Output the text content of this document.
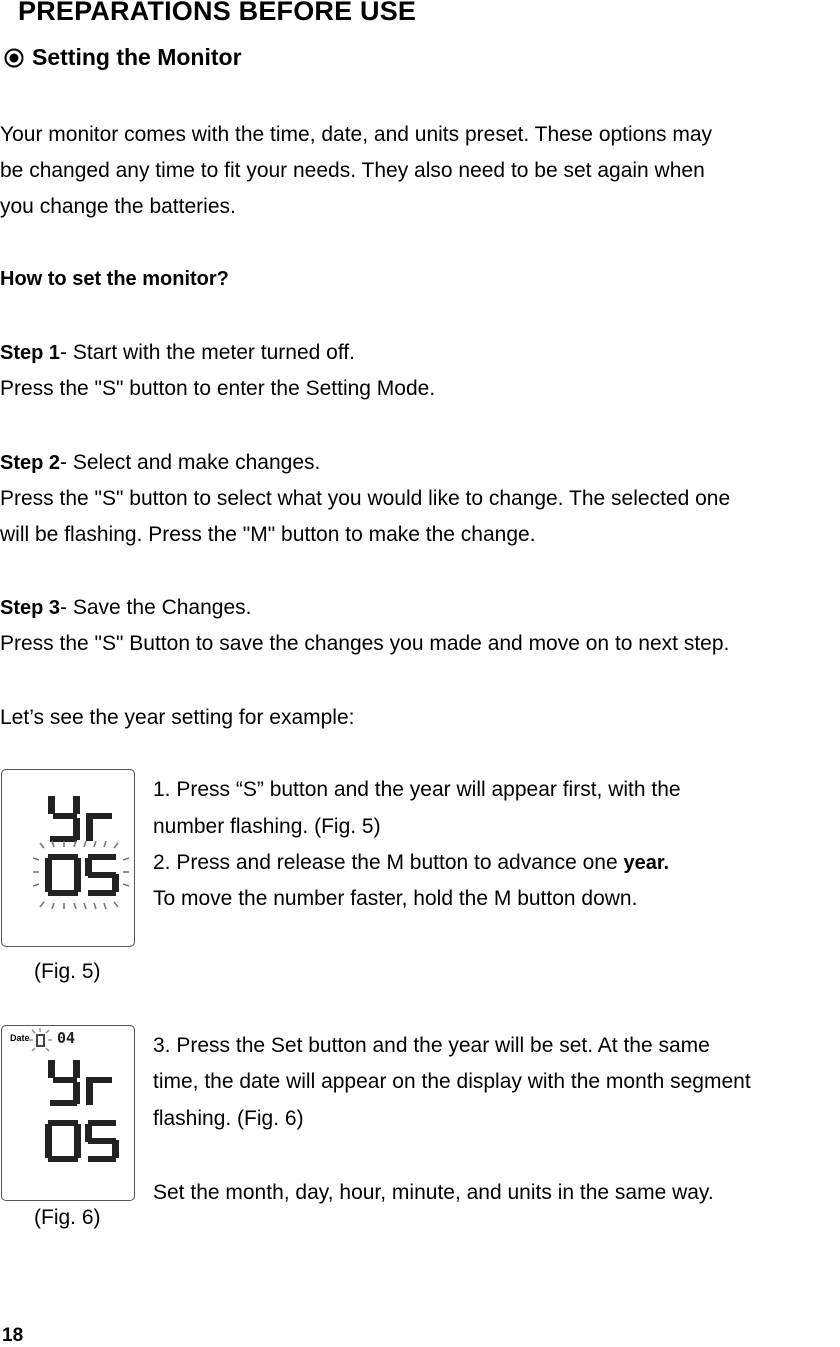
PREPARATIONS BEFORE USE
Setting the Monitor
Your monitor comes with the time, date, and units preset. These options may
be changed any time to fit your needs. They also need to be set again when
you change the batteries.
How to set the monitor?
Step 1- Start with the meter turned off.
Press the "S" button to enter the Setting Mode.
Step 2- Select and make changes.
Press the "S" button to select what you would like to change. The selected one
will be flashing. Press the "M" button to make the change.
Step 3- Save the Changes.
Press the "S" Button to save the changes you made and move on to next step.
Let’s see the year setting for example:
(Fig. 5)
1. Press “S” button and the year will appear first, with the
number flashing. (Fig. 5)
2. Press and release the M button to advance one year.
To move the number faster, hold the M button down.
Date 04
(Fig. 6)
3. Press the Set button and the year will be set. At the same
time, the date will appear on the display with the month segment
flashing. (Fig. 6)
Set the month, day, hour, minute, and units in the same way.
18
